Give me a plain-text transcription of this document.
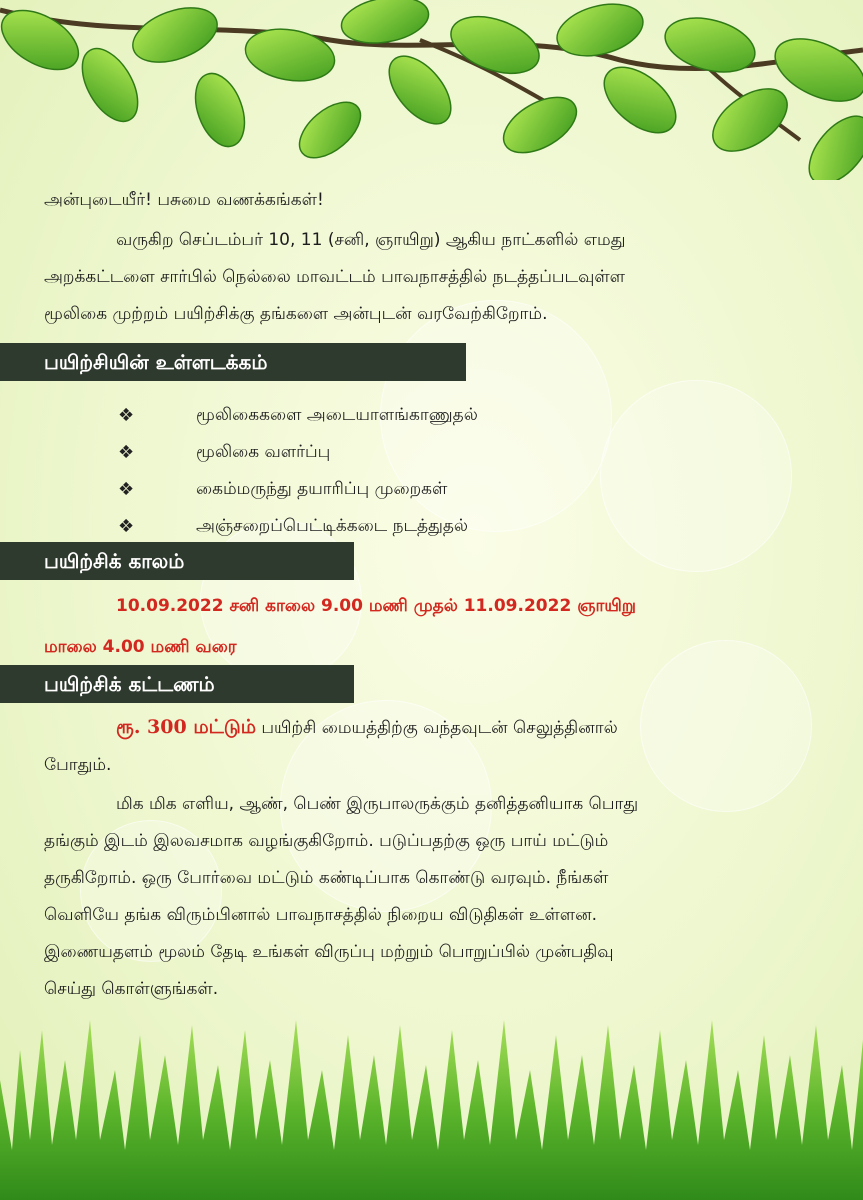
அன்புடையீர்! பசுமை வணக்கங்கள்!
வருகிற செப்டம்பர் 10, 11 (சனி, ஞாயிறு) ஆகிய நாட்களில் எமது
அறக்கட்டளை சார்பில் நெல்லை மாவட்டம் பாவநாசத்தில் நடத்தப்படவுள்ள
மூலிகை முற்றம் பயிற்சிக்கு தங்களை அன்புடன் வரவேற்கிறோம்.
பயிற்சியின் உள்ளடக்கம்
❖	மூலிகைகளை அடையாளங்காணுதல்
❖	மூலிகை வளர்ப்பு
❖	கைம்மருந்து தயாரிப்பு முறைகள்
❖	அஞ்சறைப்பெட்டிக்கடை நடத்துதல்
பயிற்சிக் காலம்
10.09.2022 சனி காலை 9.00 மணி முதல் 11.09.2022 ஞாயிறு
மாலை 4.00 மணி வரை
பயிற்சிக் கட்டணம்
ரூ. 300 மட்டும் பயிற்சி மையத்திற்கு வந்தவுடன் செலுத்தினால்
போதும்.
மிக மிக எளிய, ஆண், பெண் இருபாலருக்கும் தனித்தனியாக பொது
தங்கும் இடம் இலவசமாக வழங்குகிறோம். படுப்பதற்கு ஒரு பாய் மட்டும்
தருகிறோம். ஒரு போர்வை மட்டும் கண்டிப்பாக கொண்டு வரவும். நீங்கள்
வெளியே தங்க விரும்பினால் பாவநாசத்தில் நிறைய விடுதிகள் உள்ளன.
இணையதளம் மூலம் தேடி உங்கள் விருப்பு மற்றும் பொறுப்பில் முன்பதிவு
செய்து கொள்ளுங்கள்.
